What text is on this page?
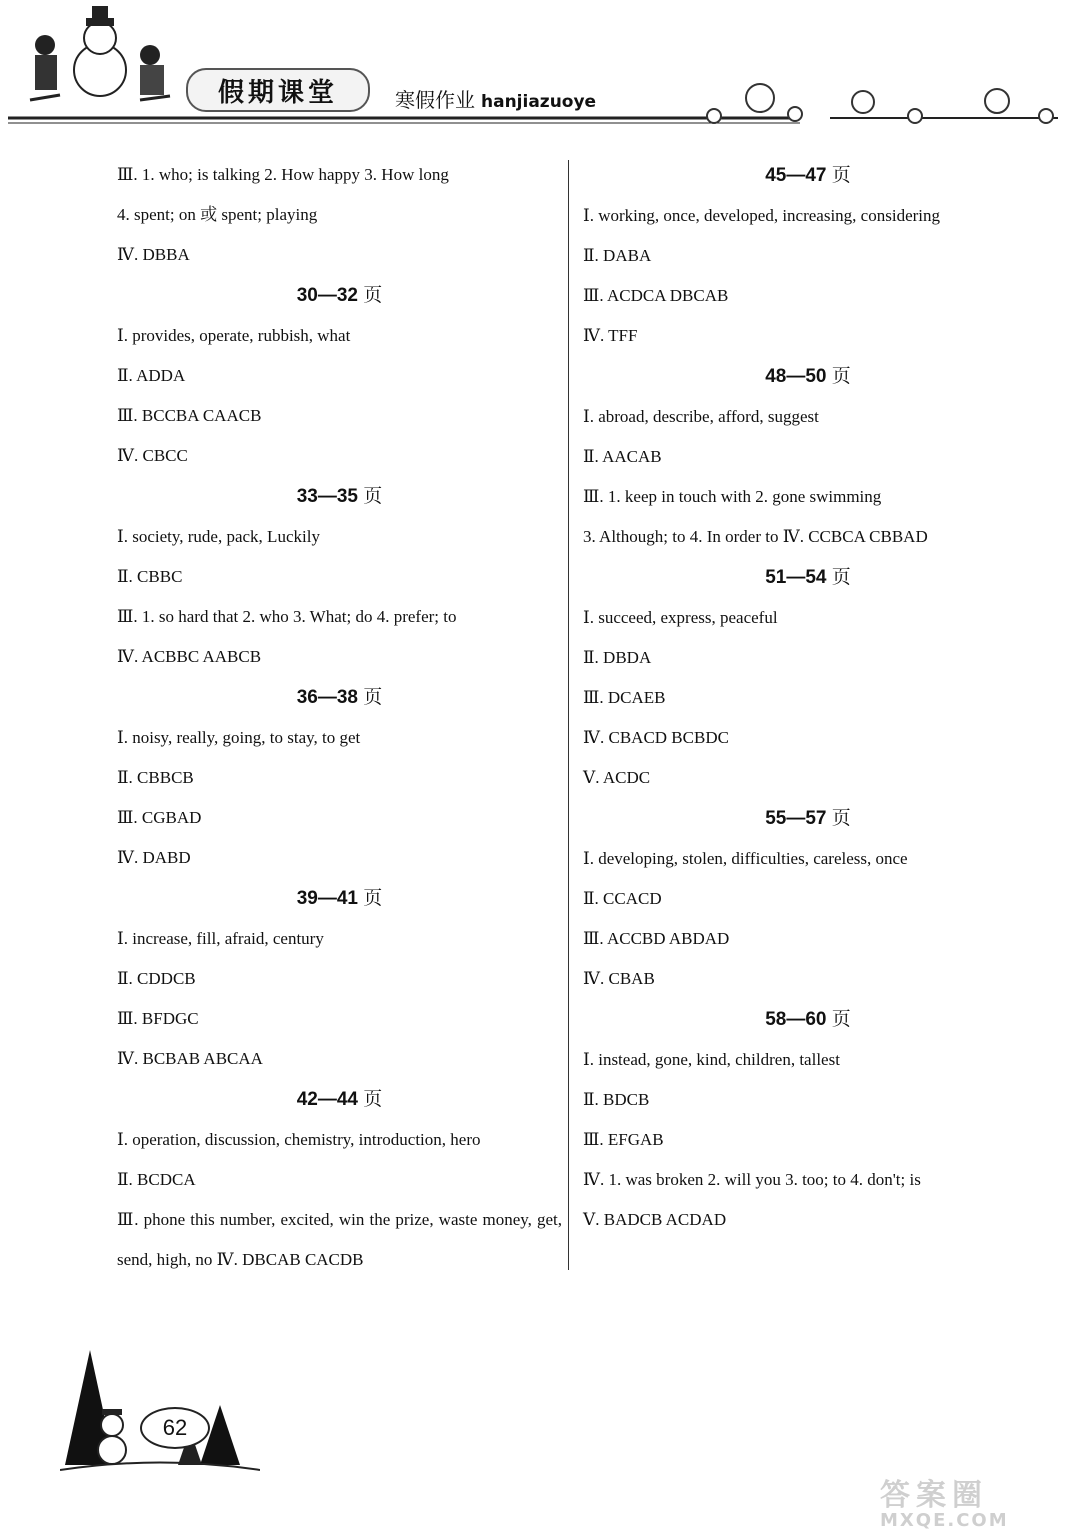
假期课堂	寒假作业 hanjiazuoye
Ⅲ. 1. who; is talking 2. How happy 3. How long
4. spent; on 或 spent; playing
Ⅳ. DBBA
30—32 页
Ⅰ. provides, operate, rubbish, what
Ⅱ. ADDA
Ⅲ. BCCBA CAACB
Ⅳ. CBCC
33—35 页
Ⅰ. society, rude, pack, Luckily
Ⅱ. CBBC
Ⅲ. 1. so hard that 2. who 3. What; do 4. prefer; to
Ⅳ. ACBBC AABCB
36—38 页
Ⅰ. noisy, really, going, to stay, to get
Ⅱ. CBBCB
Ⅲ. CGBAD
Ⅳ. DABD
39—41 页
Ⅰ. increase, fill, afraid, century
Ⅱ. CDDCB
Ⅲ. BFDGC
Ⅳ. BCBAB ABCAA
42—44 页
Ⅰ. operation, discussion, chemistry, introduction, hero
Ⅱ. BCDCA
Ⅲ. phone this number, excited, win the prize, waste money, get, send, high, no Ⅳ. DBCAB CACDB
45—47 页
Ⅰ. working, once, developed, increasing, considering
Ⅱ. DABA
Ⅲ. ACDCA DBCAB
Ⅳ. TFF
48—50 页
Ⅰ. abroad, describe, afford, suggest
Ⅱ. AACAB
Ⅲ. 1. keep in touch with 2. gone swimming
3. Although; to 4. In order to Ⅳ. CCBCA CBBAD
51—54 页
Ⅰ. succeed, express, peaceful
Ⅱ. DBDA
Ⅲ. DCAEB
Ⅳ. CBACD BCBDC
Ⅴ. ACDC
55—57 页
Ⅰ. developing, stolen, difficulties, careless, once
Ⅱ. CCACD
Ⅲ. ACCBD ABDAD
Ⅳ. CBAB
58—60 页
Ⅰ. instead, gone, kind, children, tallest
Ⅱ. BDCB
Ⅲ. EFGAB
Ⅳ. 1. was broken 2. will you 3. too; to 4. don't; is
Ⅴ. BADCB ACDAD
62
答案圈
MXQE.COM
